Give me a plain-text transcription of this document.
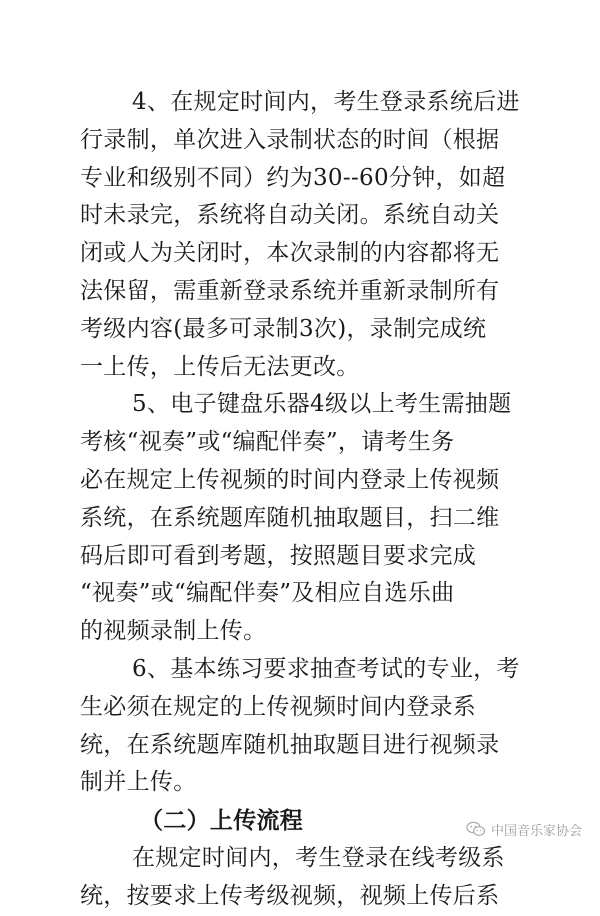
4、在规定时间内，考生登录系统后进
行录制，单次进入录制状态的时间（根据
专业和级别不同）约为30--60分钟，如超
时未录完，系统将自动关闭。系统自动关
闭或人为关闭时，本次录制的内容都将无
法保留，需重新登录系统并重新录制所有
考级内容(最多可录制3次)，录制完成统
一上传，上传后无法更改。
5、电子键盘乐器4级以上考生需抽题
考核“视奏”或“编配伴奏”，请考生务
必在规定上传视频的时间内登录上传视频
系统，在系统题库随机抽取题目，扫二维
码后即可看到考题，按照题目要求完成
“视奏”或“编配伴奏”及相应自选乐曲
的视频录制上传。
6、基本练习要求抽查考试的专业，考
生必须在规定的上传视频时间内登录系
统，在系统题库随机抽取题目进行视频录
制并上传。
（二）上传流程
在规定时间内，考生登录在线考级系
统，按要求上传考级视频，视频上传后系
中国音乐家协会
